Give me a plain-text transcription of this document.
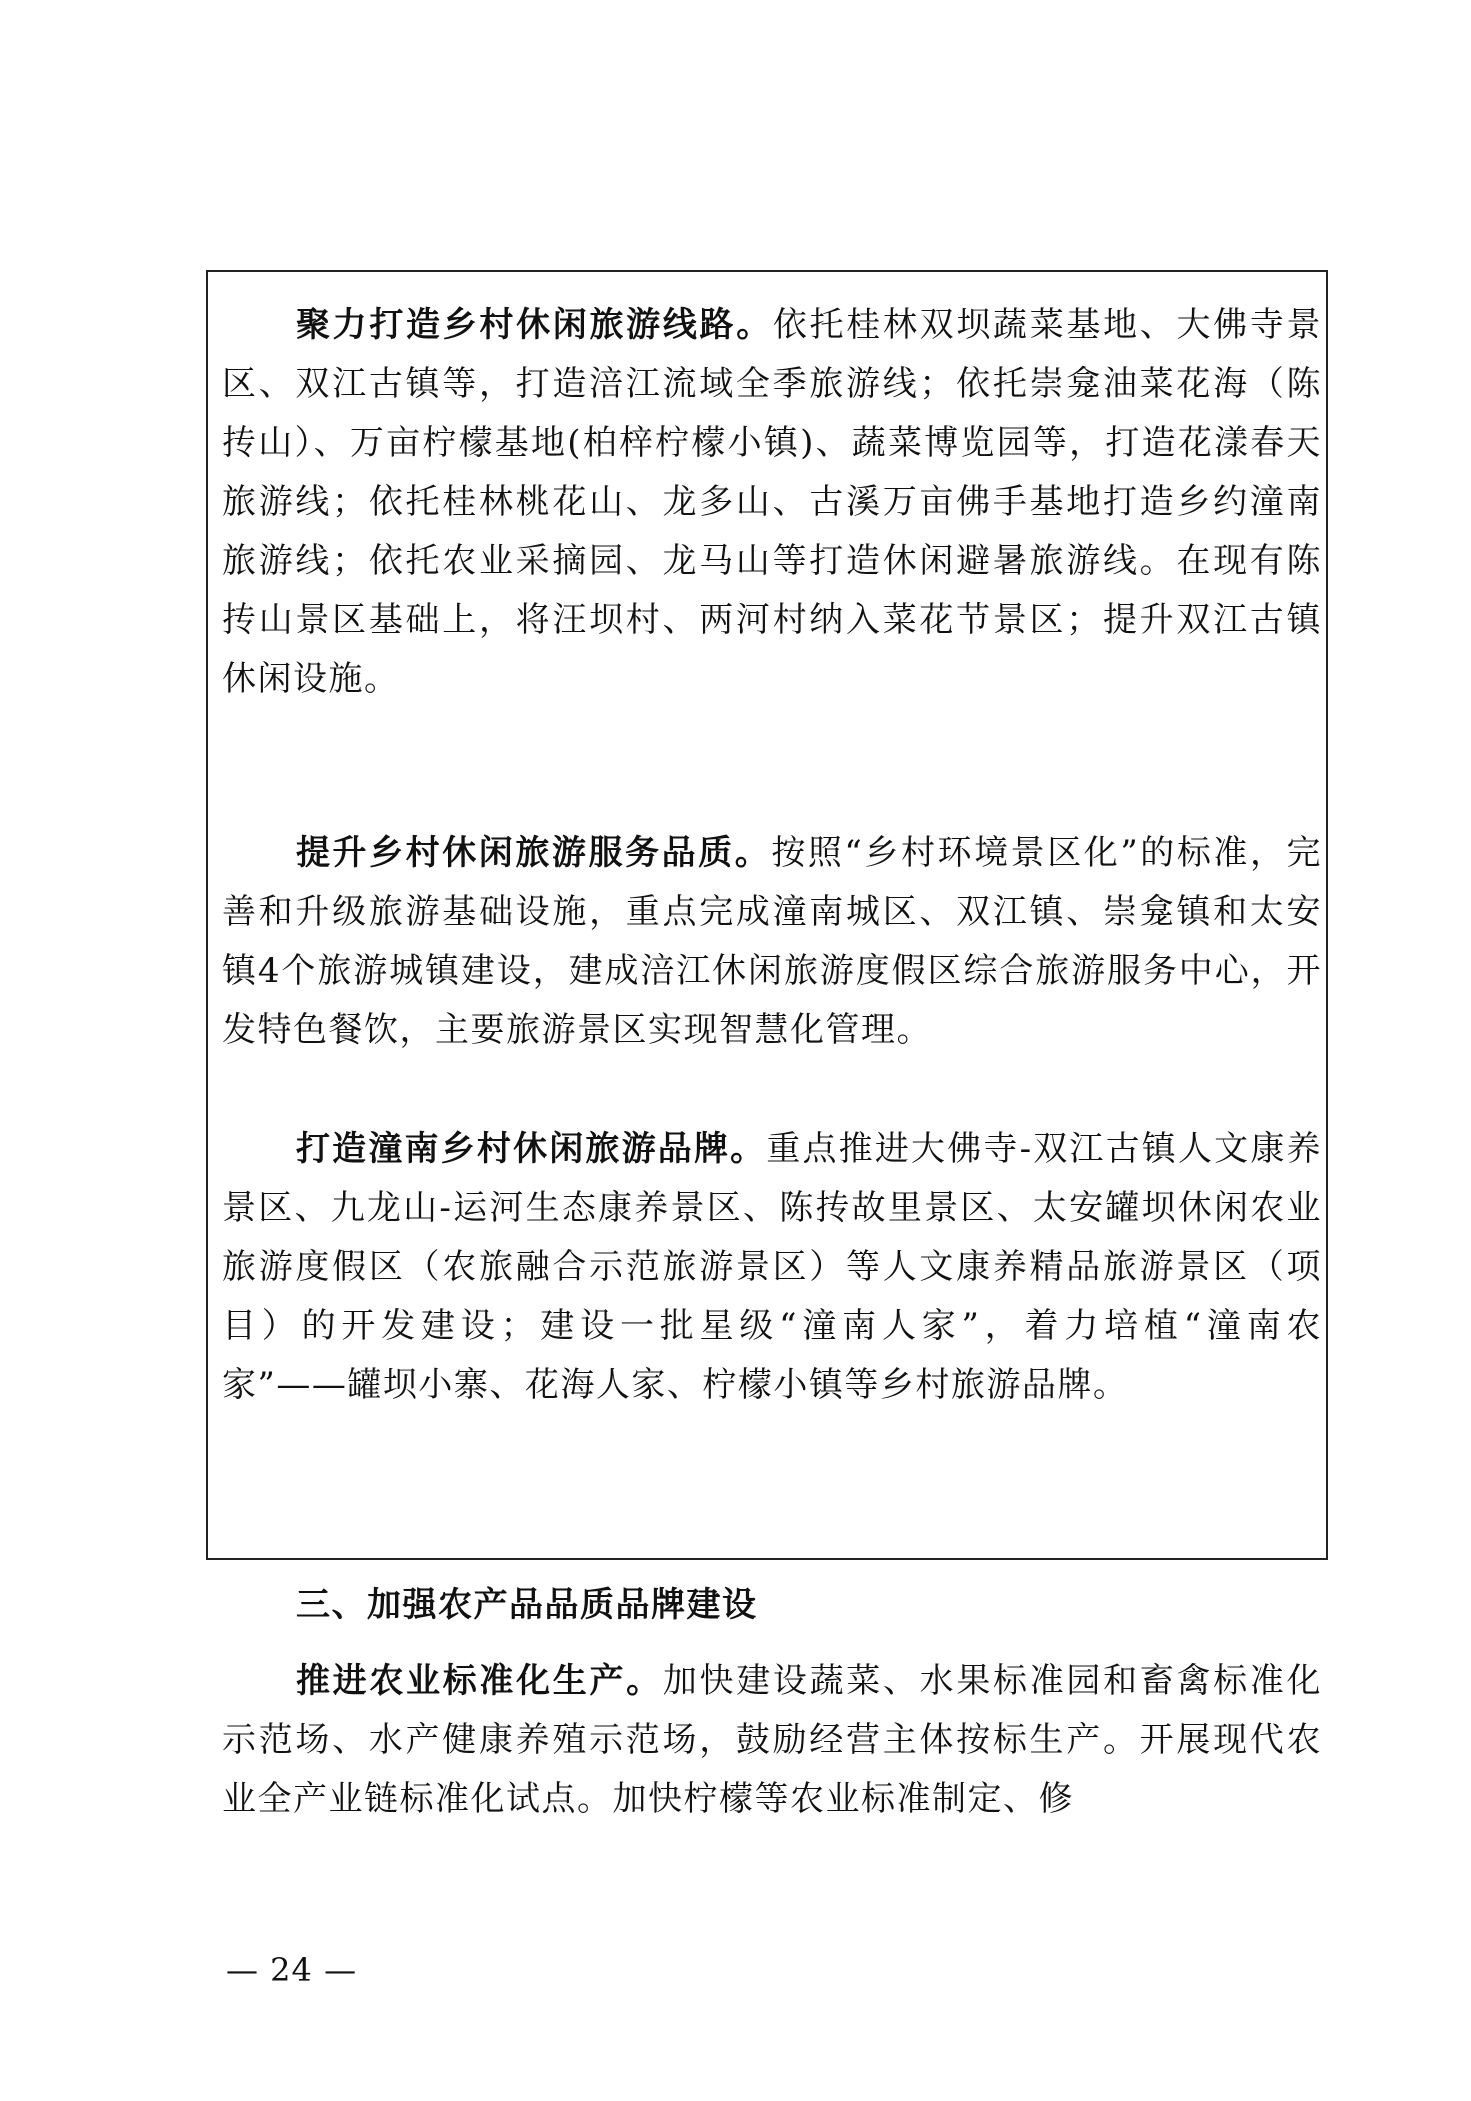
聚力打造乡村休闲旅游线路。依托桂林双坝蔬菜基地、大佛寺景区、双江古镇等，打造涪江流域全季旅游线；依托崇龛油菜花海（陈抟山）、万亩柠檬基地(柏梓柠檬小镇)、蔬菜博览园等，打造花漾春天旅游线；依托桂林桃花山、龙多山、古溪万亩佛手基地打造乡约潼南旅游线；依托农业采摘园、龙马山等打造休闲避暑旅游线。在现有陈抟山景区基础上，将汪坝村、两河村纳入菜花节景区；提升双江古镇休闲设施。

提升乡村休闲旅游服务品质。按照“乡村环境景区化”的标准，完善和升级旅游基础设施，重点完成潼南城区、双江镇、崇龛镇和太安镇4个旅游城镇建设，建成涪江休闲旅游度假区综合旅游服务中心，开发特色餐饮，主要旅游景区实现智慧化管理。

打造潼南乡村休闲旅游品牌。重点推进大佛寺-双江古镇人文康养景区、九龙山-运河生态康养景区、陈抟故里景区、太安罐坝休闲农业旅游度假区（农旅融合示范旅游景区）等人文康养精品旅游景区（项目）的开发建设；建设一批星级“潼南人家”，着力培植“潼南农家”——罐坝小寨、花海人家、柠檬小镇等乡村旅游品牌。

三、加强农产品品质品牌建设

推进农业标准化生产。加快建设蔬菜、水果标准园和畜禽标准化示范场、水产健康养殖示范场，鼓励经营主体按标生产。开展现代农业全产业链标准化试点。加快柠檬等农业标准制定、修

— 24 —
